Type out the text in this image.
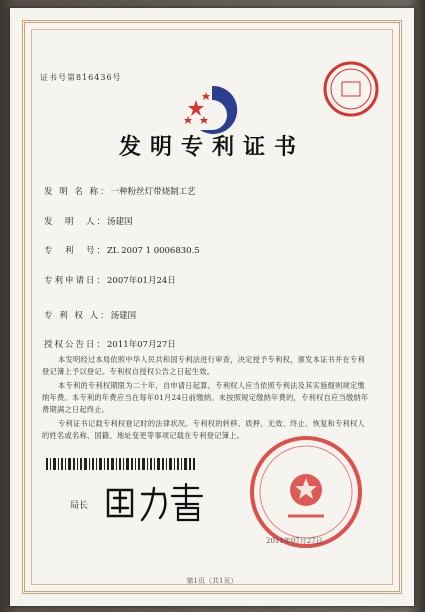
证书号第816436号
发明专利证书
发 明 名 称：一种粉丝灯带烧制工艺
发　明　人：汤建国
专　利　号：ZL 2007 1 0006830.5
专利申请日：2007年01月24日
专 利 权 人：汤建国
授权公告日：2011年07月27日
本发明经过本局依照中华人民共和国专利法进行审查，决定授予专利权，颁发本证书并在专利登记簿上予以登记。专利权自授权公告之日起生效。
本专利的专利权期限为二十年，自申请日起算。专利权人应当依照专利法及其实施细则规定缴纳年费。本专利的年费应当在每年01月24日前缴纳。未按照规定缴纳年费的，专利权自应当缴纳年费期满之日起终止。
专利证书记载专利权登记时的法律状况。专利权的转移、质押、无效、终止、恢复和专利权人的姓名或名称、国籍、地址变更等事项记载在专利登记簿上。
局长
2011年07月27日
第1页（共1页）
